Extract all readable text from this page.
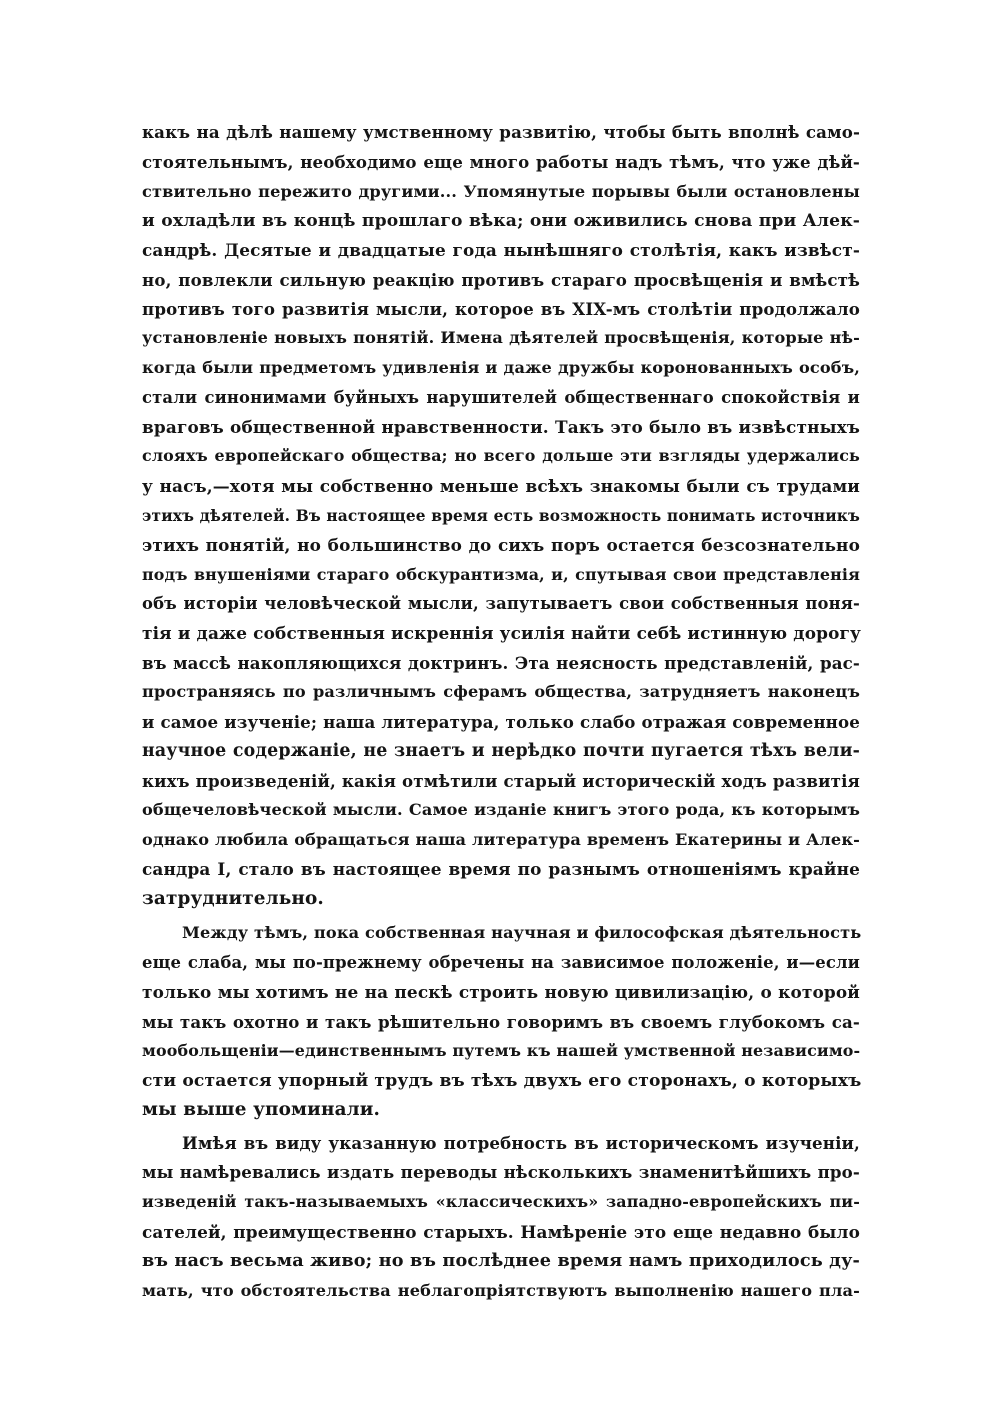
какъ на дѣлѣ нашему умственному развитію, чтобы быть вполнѣ само-
стоятельнымъ, необходимо еще много работы надъ тѣмъ, что уже дѣй-
ствительно пережито другими... Упомянутые порывы были остановлены
и охладѣли въ концѣ прошлаго вѣка; они оживились снова при Алек-
сандрѣ. Десятые и двадцатые года нынѣшняго столѣтія, какъ извѣст-
но, повлекли сильную реакцію противъ стараго просвѣщенія и вмѣстѣ
противъ того развитія мысли, которое въ XIX-мъ столѣтіи продолжало
установленіе новыхъ понятій. Имена дѣятелей просвѣщенія, которые нѣ-
когда были предметомъ удивленія и даже дружбы коронованныхъ особъ,
стали синонимами буйныхъ нарушителей общественнаго спокойствія и
враговъ общественной нравственности. Такъ это было въ извѣстныхъ
слояхъ европейскаго общества; но всего дольше эти взгляды удержались
у насъ,—хотя мы собственно меньше всѣхъ знакомы были съ трудами
этихъ дѣятелей. Въ настоящее время есть возможность понимать источникъ
этихъ понятій, но большинство до сихъ поръ остается безсознательно
подъ внушеніями стараго обскурантизма, и, спутывая свои представленія
объ исторіи человѣческой мысли, запутываетъ свои собственныя поня-
тія и даже собственныя искреннія усилія найти себѣ истинную дорогу
въ массѣ накопляющихся доктринъ. Эта неясность представленій, рас-
пространяясь по различнымъ сферамъ общества, затрудняетъ наконецъ
и самое изученіе; наша литература, только слабо отражая современное
научное содержаніе, не знаетъ и нерѣдко почти пугается тѣхъ вели-
кихъ произведеній, какія отмѣтили старый историческій ходъ развитія
общечеловѣческой мысли. Самое изданіе книгъ этого рода, къ которымъ
однако любила обращаться наша литература временъ Екатерины и Алек-
сандра I, стало въ настоящее время по разнымъ отношеніямъ крайне
затруднительно.
Между тѣмъ, пока собственная научная и философская дѣятельность
еще слаба, мы по-прежнему обречены на зависимое положеніе, и—если
только мы хотимъ не на пескѣ строить новую цивилизацію, о которой
мы такъ охотно и такъ рѣшительно говоримъ въ своемъ глубокомъ са-
мообольщеніи—единственнымъ путемъ къ нашей умственной независимо-
сти остается упорный трудъ въ тѣхъ двухъ его сторонахъ, о которыхъ
мы выше упоминали.
Имѣя въ виду указанную потребность въ историческомъ изученіи,
мы намѣревались издать переводы нѣсколькихъ знаменитѣйшихъ про-
изведеній такъ-называемыхъ «классическихъ» западно-европейскихъ пи-
сателей, преимущественно старыхъ. Намѣреніе это еще недавно было
въ насъ весьма живо; но въ послѣднее время намъ приходилось ду-
мать, что обстоятельства неблагопріятствуютъ выполненію нашего пла-
